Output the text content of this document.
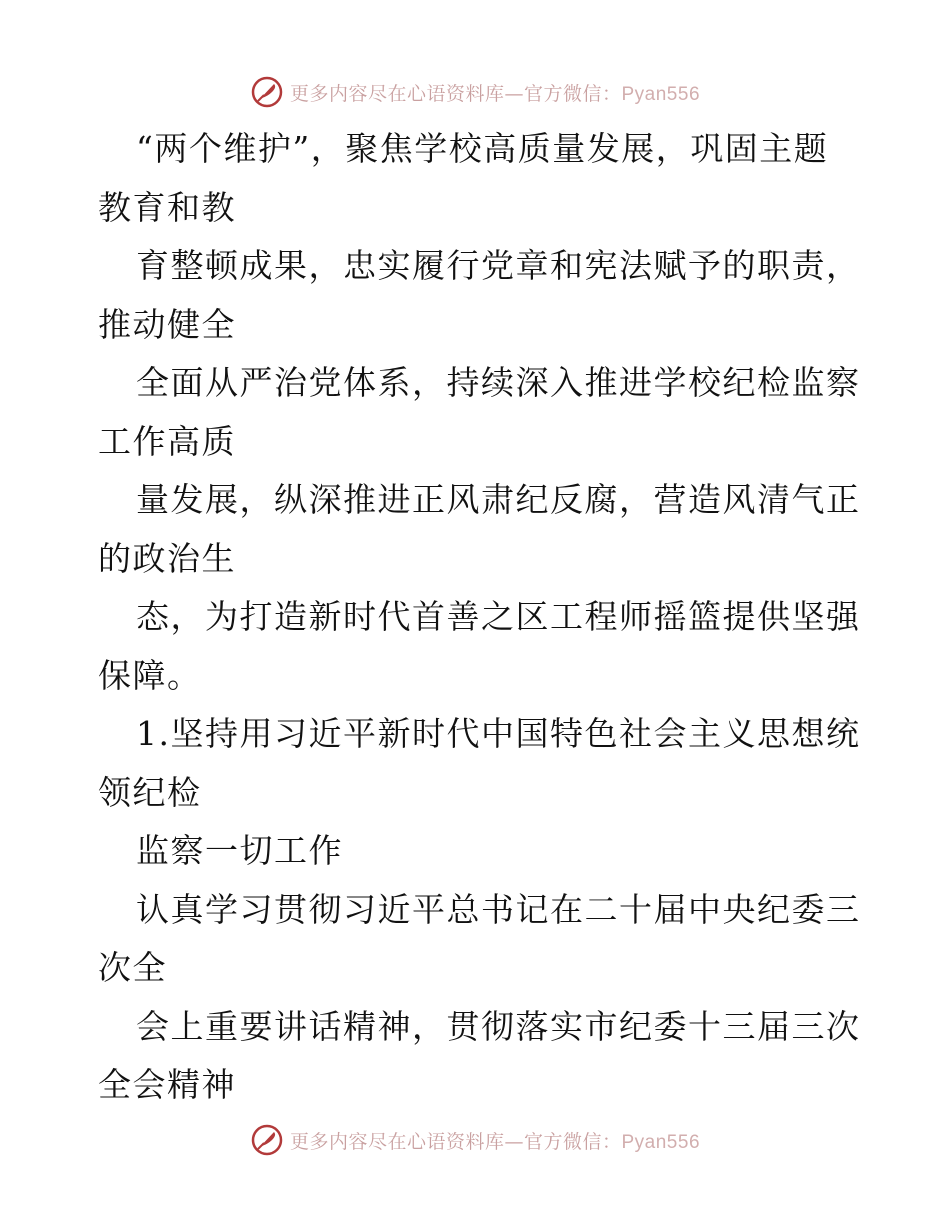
更多内容尽在心语资料库—官方微信：Pyan556
“两个维护”，聚焦学校高质量发展，巩固主题
教育和教
育整顿成果，忠实履行党章和宪法赋予的职责，
推动健全
全面从严治党体系，持续深入推进学校纪检监察
工作高质
量发展，纵深推进正风肃纪反腐，营造风清气正
的政治生
态，为打造新时代首善之区工程师摇篮提供坚强
保障。
1.坚持用习近平新时代中国特色社会主义思想统
领纪检
监察一切工作
认真学习贯彻习近平总书记在二十届中央纪委三
次全
会上重要讲话精神，贯彻落实市纪委十三届三次
全会精神
更多内容尽在心语资料库—官方微信：Pyan556
